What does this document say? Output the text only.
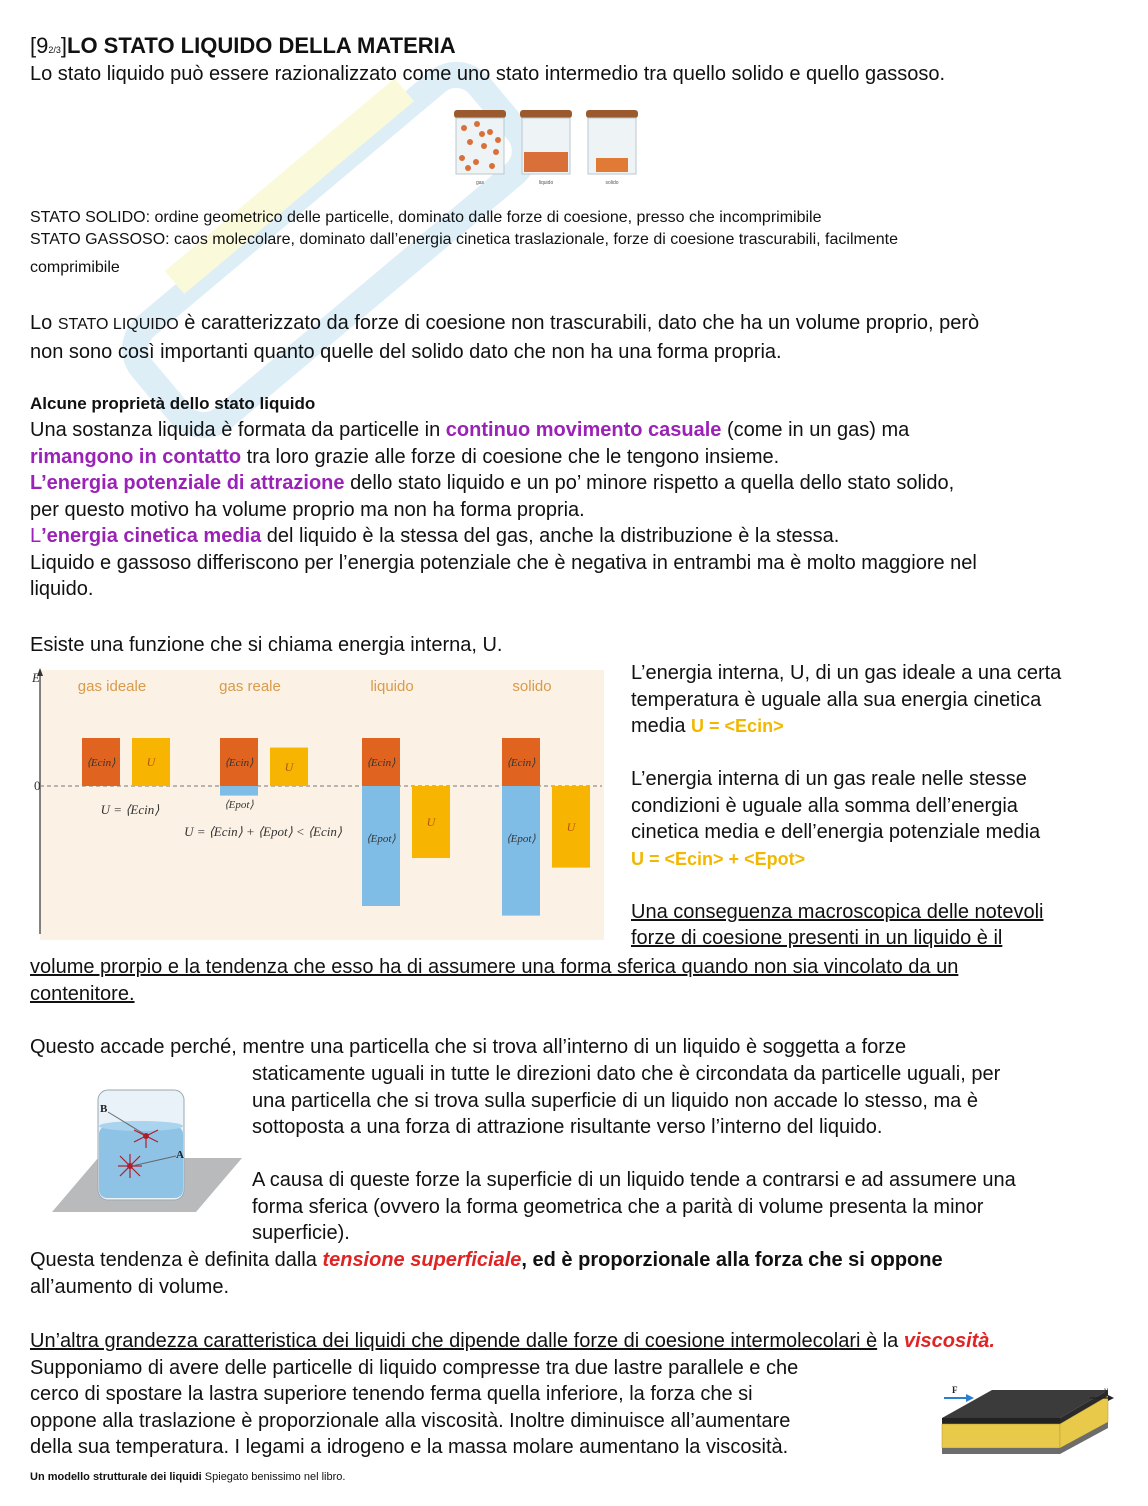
[92/3]LO STATO LIQUIDO DELLA MATERIA
Lo stato liquido può essere razionalizzato come uno stato intermedio tra quello solido e quello gassoso.
gas	liquido	solido
STATO SOLIDO: ordine geometrico delle particelle, dominato dalle forze di coesione, presso che incomprimibile
STATO GASSOSO: caos molecolare, dominato dall’energia cinetica traslazionale, forze di coesione trascurabili, facilmente
comprimibile
Lo STATO LIQUIDO è caratterizzato da forze di coesione non trascurabili, dato che ha un volume proprio, però
non sono così importanti quanto quelle del solido dato che non ha una forma propria.
Alcune proprietà dello stato liquido
Una sostanza liquida è formata da particelle in continuo movimento casuale (come in un gas) ma
rimangono in contatto tra loro grazie alle forze di coesione che le tengono insieme.
L’energia potenziale di attrazione dello stato liquido e un po’ minore rispetto a quella dello stato solido,
per questo motivo ha volume proprio ma non ha forma propria.
L’energia cinetica media del liquido è la stessa del gas, anche la distribuzione è la stessa.
Liquido e gassoso differiscono per l’energia potenziale che è negativa in entrambi ma è molto maggiore nel
liquido.
Esiste una funzione che si chiama energia interna, U.
E
0
gas ideale
⟨Ecin⟩	U
gas reale
⟨Ecin⟩
⟨Epot⟩
U
liquido
⟨Ecin⟩
⟨Epot⟩
U
solido
⟨Ecin⟩
⟨Epot⟩
U
U = ⟨Ecin⟩
U = ⟨Ecin⟩ + ⟨Epot⟩ < ⟨Ecin⟩
L’energia interna, U, di un gas ideale a una certa
temperatura è uguale alla sua energia cinetica
media U = <Ecin>

L’energia interna di un gas reale nelle stesse
condizioni è uguale alla somma dell’energia
cinetica media e dell’energia potenziale media
U = <Ecin> + <Epot>

Una conseguenza macroscopica delle notevoli
forze di coesione presenti in un liquido è il
volume prorpio e la tendenza che esso ha di assumere una forma sferica quando non sia vincolato da un
contenitore.
Questo accade perché, mentre una particella che si trova all’interno di un liquido è soggetta a forze
B
A
staticamente uguali in tutte le direzioni dato che è circondata da particelle uguali, per
una particella che si trova sulla superficie di un liquido non accade lo stesso, ma è
sottoposta a una forza di attrazione risultante verso l’interno del liquido.

A causa di queste forze la superficie di un liquido tende a contrarsi e ad assumere una
forma sferica (ovvero la forma geometrica che a parità di volume presenta la minor
superficie).
Questa tendenza è definita dalla tensione superficiale, ed è proporzionale alla forza che si oppone
all’aumento di volume.
Un’altra grandezza caratteristica dei liquidi che dipende dalle forze di coesione intermolecolari è la viscosità.
Supponiamo di avere delle particelle di liquido compresse tra due lastre parallele e che
cerco di spostare la lastra superiore tenendo ferma quella inferiore, la forza che si
oppone alla traslazione è proporzionale alla viscosità. Inoltre diminuisce all’aumentare
della sua temperatura. I legami a idrogeno e la massa molare aumentano la viscosità.
F	v
Un modello strutturale dei liquidi Spiegato benissimo nel libro.
